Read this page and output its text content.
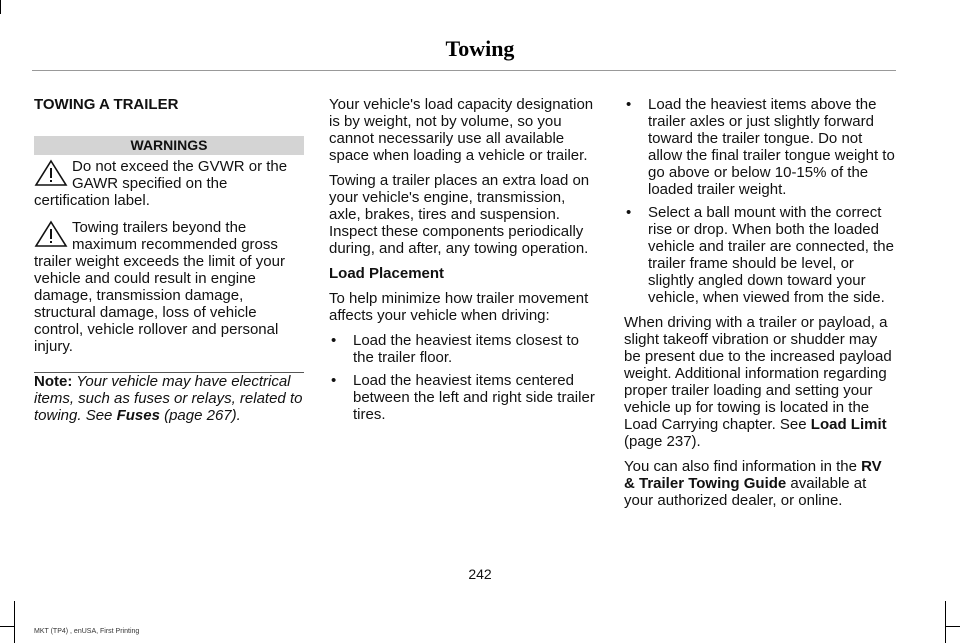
Towing
TOWING A TRAILER
WARNINGS

Do not exceed the GVWR or the GAWR specified on the certification label.

Towing trailers beyond the maximum recommended gross trailer weight exceeds the limit of your vehicle and could result in engine damage, transmission damage, structural damage, loss of vehicle control, vehicle rollover and personal injury.

Note: Your vehicle may have electrical items, such as fuses or relays, related to towing. See Fuses (page 267).

Your vehicle's load capacity designation is by weight, not by volume, so you cannot necessarily use all available space when loading a vehicle or trailer.

Towing a trailer places an extra load on your vehicle's engine, transmission, axle, brakes, tires and suspension. Inspect these components periodically during, and after, any towing operation.

Load Placement

To help minimize how trailer movement affects your vehicle when driving:

• Load the heaviest items closest to the trailer floor.
• Load the heaviest items centered between the left and right side trailer tires.
• Load the heaviest items above the trailer axles or just slightly forward toward the trailer tongue. Do not allow the final trailer tongue weight to go above or below 10-15% of the loaded trailer weight.
• Select a ball mount with the correct rise or drop. When both the loaded vehicle and trailer are connected, the trailer frame should be level, or slightly angled down toward your vehicle, when viewed from the side.

When driving with a trailer or payload, a slight takeoff vibration or shudder may be present due to the increased payload weight. Additional information regarding proper trailer loading and setting your vehicle up for towing is located in the Load Carrying chapter. See Load Limit (page 237).

You can also find information in the RV & Trailer Towing Guide available at your authorized dealer, or online.

242
MKT (TP4) , enUSA, First Printing
